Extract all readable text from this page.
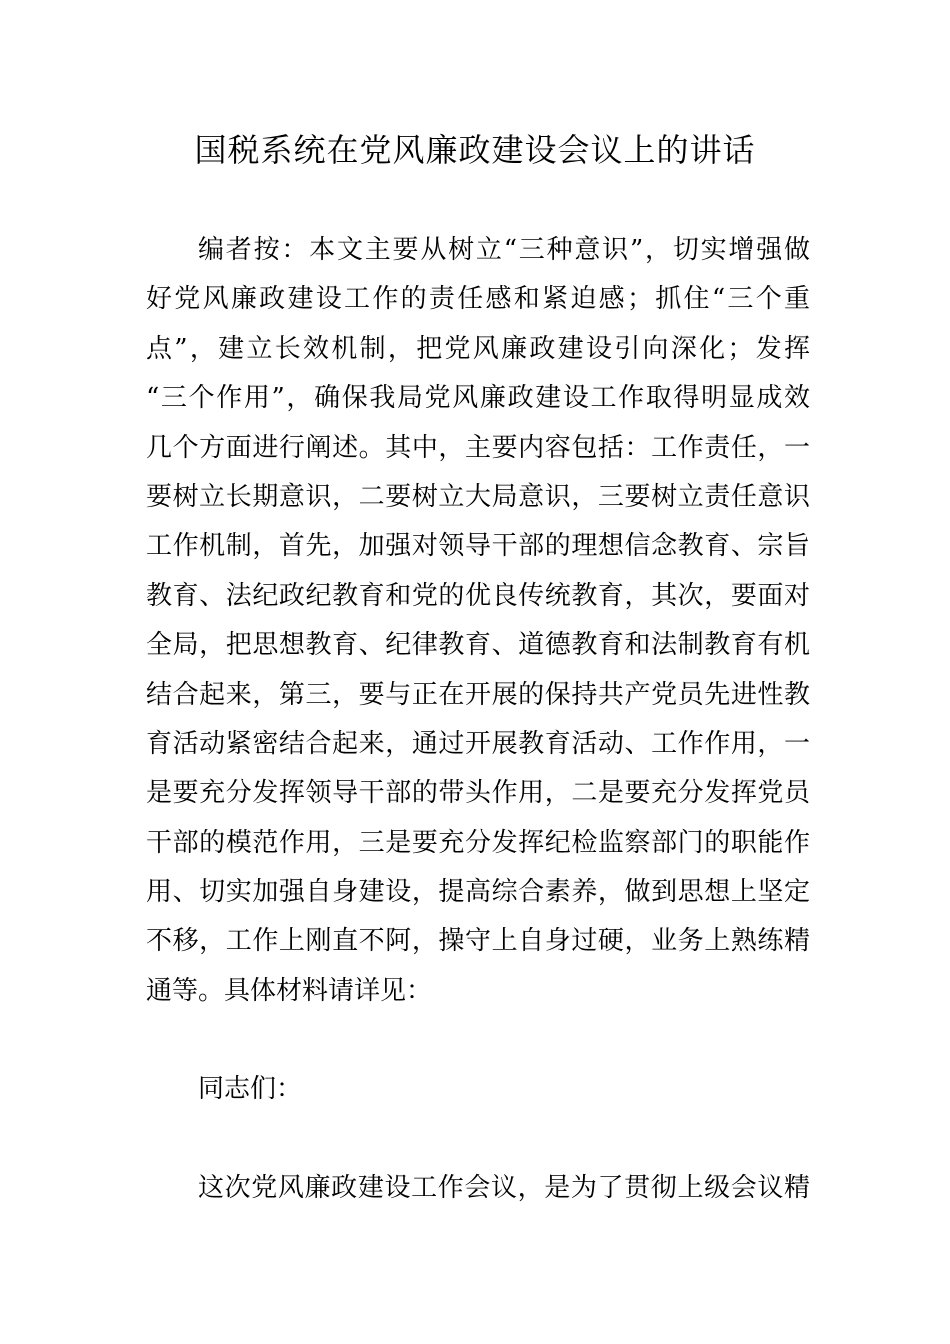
国税系统在党风廉政建设会议上的讲话
编者按：本文主要从树立“三种意识”，切实增强做
好党风廉政建设工作的责任感和紧迫感；抓住“三个重
点”，建立长效机制，把党风廉政建设引向深化；发挥
“三个作用”，确保我局党风廉政建设工作取得明显成效
几个方面进行阐述。其中，主要内容包括：工作责任，一
要树立长期意识，二要树立大局意识，三要树立责任意识
工作机制，首先，加强对领导干部的理想信念教育、宗旨
教育、法纪政纪教育和党的优良传统教育，其次，要面对
全局，把思想教育、纪律教育、道德教育和法制教育有机
结合起来，第三，要与正在开展的保持共产党员先进性教
育活动紧密结合起来，通过开展教育活动、工作作用，一
是要充分发挥领导干部的带头作用，二是要充分发挥党员
干部的模范作用，三是要充分发挥纪检监察部门的职能作
用、切实加强自身建设，提高综合素养，做到思想上坚定
不移，工作上刚直不阿，操守上自身过硬，业务上熟练精
通等。具体材料请详见：
同志们：
这次党风廉政建设工作会议，是为了贯彻上级会议精
